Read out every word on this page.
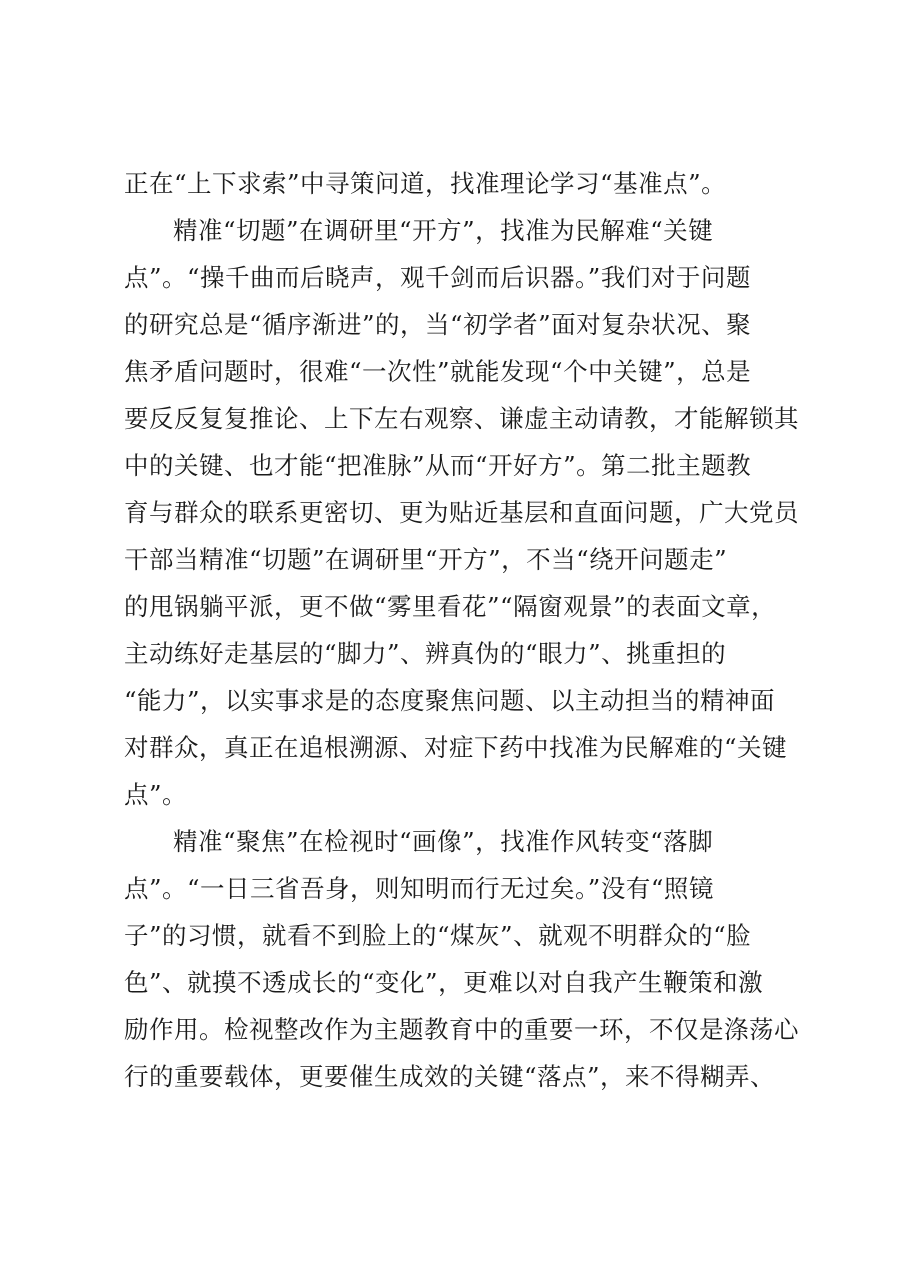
正在“上下求索”中寻策问道，找准理论学习“基准点”。
精准“切题”在调研里“开方”，找准为民解难“关键
点”。“操千曲而后晓声，观千剑而后识器。”我们对于问题
的研究总是“循序渐进”的，当“初学者”面对复杂状况、聚
焦矛盾问题时，很难“一次性”就能发现“个中关键”，总是
要反反复复推论、上下左右观察、谦虚主动请教，才能解锁其
中的关键、也才能“把准脉”从而“开好方”。第二批主题教
育与群众的联系更密切、更为贴近基层和直面问题，广大党员
干部当精准“切题”在调研里“开方”，不当“绕开问题走”
的甩锅躺平派，更不做“雾里看花”“隔窗观景”的表面文章，
主动练好走基层的“脚力”、辨真伪的“眼力”、挑重担的
“能力”，以实事求是的态度聚焦问题、以主动担当的精神面
对群众，真正在追根溯源、对症下药中找准为民解难的“关键
点”。
精准“聚焦”在检视时“画像”，找准作风转变“落脚
点”。“一日三省吾身，则知明而行无过矣。”没有“照镜
子”的习惯，就看不到脸上的“煤灰”、就观不明群众的“脸
色”、就摸不透成长的“变化”，更难以对自我产生鞭策和激
励作用。检视整改作为主题教育中的重要一环，不仅是涤荡心
行的重要载体，更要催生成效的关键“落点”，来不得糊弄、
